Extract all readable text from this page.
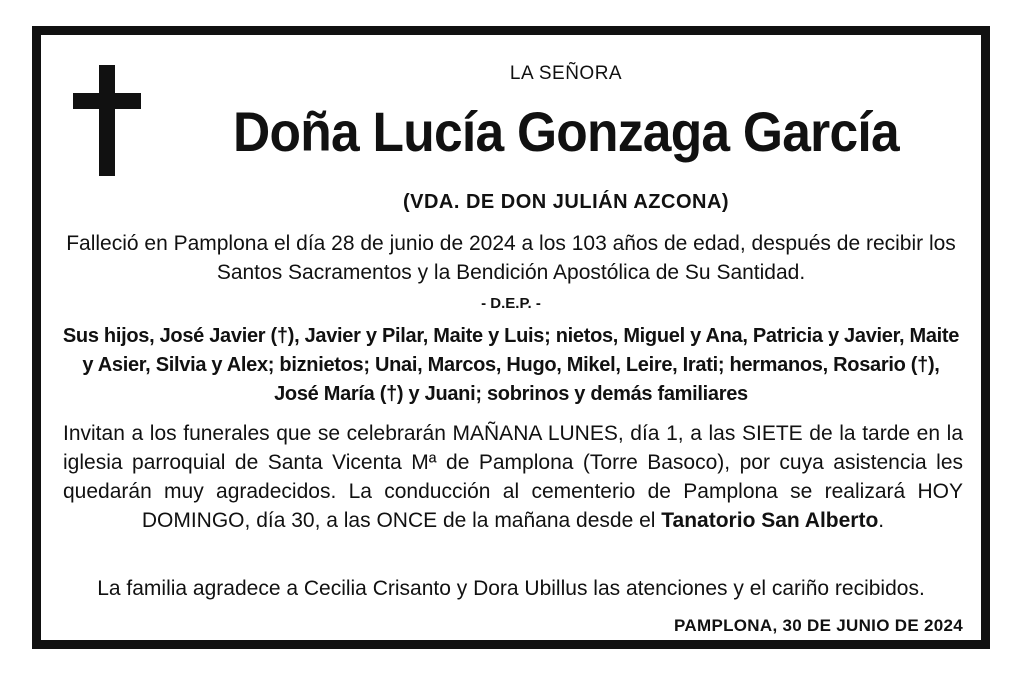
LA SEÑORA
Doña Lucía Gonzaga García
(VDA. DE DON JULIÁN AZCONA)
Falleció en Pamplona el día 28 de junio de 2024 a los 103 años de edad, después de recibir los Santos Sacramentos y la Bendición Apostólica de Su Santidad.
- D.E.P. -
Sus hijos, José Javier (†), Javier y Pilar, Maite y Luis; nietos, Miguel y Ana, Patricia y Javier, Maite y Asier, Silvia y Alex; biznietos; Unai, Marcos, Hugo, Mikel, Leire, Irati; hermanos, Rosario (†), José María (†) y Juani; sobrinos y demás familiares
Invitan a los funerales que se celebrarán MAÑANA LUNES, día 1, a las SIETE de la tarde en la iglesia parroquial de Santa Vicenta Mª de Pamplona (Torre Basoco), por cuya asistencia les quedarán muy agradecidos. La conducción al cementerio de Pamplona se realizará HOY DOMINGO, día 30, a las ONCE de la mañana desde el Tanatorio San Alberto.
La familia agradece a Cecilia Crisanto y Dora Ubillus las atenciones y el cariño recibidos.
PAMPLONA, 30 DE JUNIO DE 2024
